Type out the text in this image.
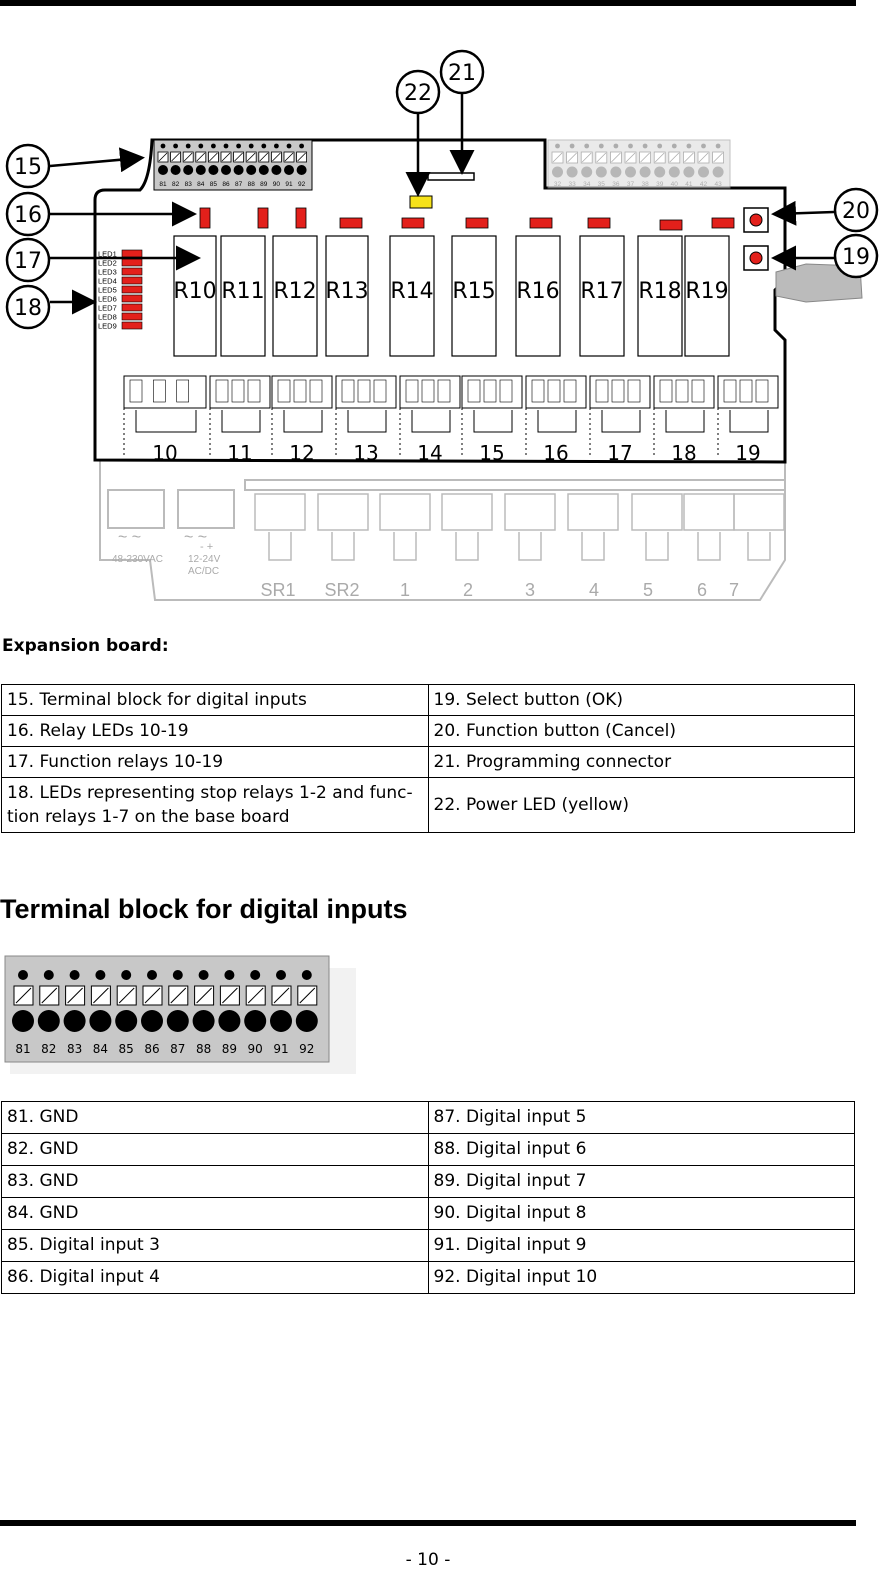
SR1 SR2 1	2	3	4 5 6 7
~ ~
48-230VAC
~ ~
- +
12-24V
AC/DC
81 82 83 84 85 86 87 88 89 90 91 92	32 33 34 35 36 37 38 39 40 41 42 43
LED1
LED2
LED3
LED4
LED5
LED6
LED7
LED8
LED9
R10 R11 R12 R13 R14 R15 R16 R17 R18 R19
10 11 12 13 14 15 16 17 18 19
15
16
17
18
19
20
21
22
Expansion board:
15. Terminal block for digital inputs	19. Select button (OK)
16. Relay LEDs 10-19	20. Function button (Cancel)
17. Function relays 10-19	21. Programming connector
18. LEDs representing stop relays 1-2 and func-
tion relays 1-7 on the base board	22. Power LED (yellow)
Terminal block for digital inputs
81 82 83 84 85 86 87 88 89 90 91 92
81. GND	87. Digital input 5
82. GND	88. Digital input 6
83. GND	89. Digital input 7
84. GND	90. Digital input 8
85. Digital input 3	91. Digital input 9
86. Digital input 4	92. Digital input 10
- 10 -
